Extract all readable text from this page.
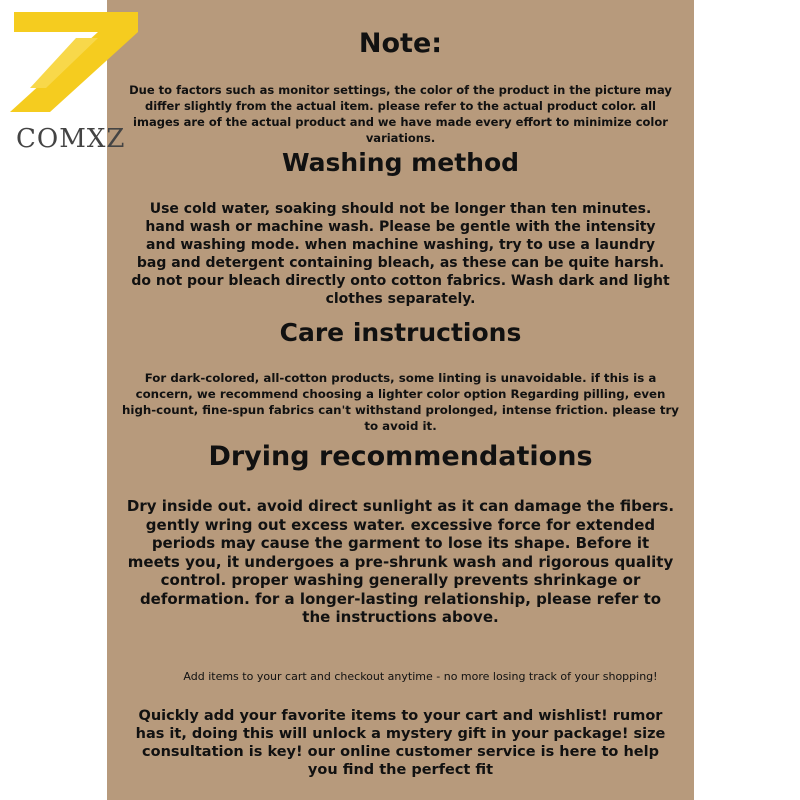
COMXZ
Note:
Due to factors such as monitor settings, the color of the product in the picture may differ slightly from the actual item. please refer to the actual product color. all images are of the actual product and we have made every effort to minimize color variations.
Washing method
Use cold water, soaking should not be longer than ten minutes. hand wash or machine wash. Please be gentle with the intensity and washing mode. when machine washing, try to use a laundry bag and detergent containing bleach, as these can be quite harsh. do not pour bleach directly onto cotton fabrics. Wash dark and light clothes separately.
Care instructions
For dark-colored, all-cotton products, some linting is unavoidable. if this is a concern, we recommend choosing a lighter color option Regarding pilling, even high-count, fine-spun fabrics can't withstand prolonged, intense friction. please try to avoid it.
Drying recommendations
Dry inside out. avoid direct sunlight as it can damage the fibers. gently wring out excess water. excessive force for extended periods may cause the garment to lose its shape. Before it meets you, it undergoes a pre-shrunk wash and rigorous quality control. proper washing generally prevents shrinkage or deformation. for a longer-lasting relationship, please refer to the instructions above.
Add items to your cart and checkout anytime - no more losing track of your shopping!
Quickly add your favorite items to your cart and wishlist! rumor has it, doing this will unlock a mystery gift in your package! size consultation is key! our online customer service is here to help you find the perfect fit
